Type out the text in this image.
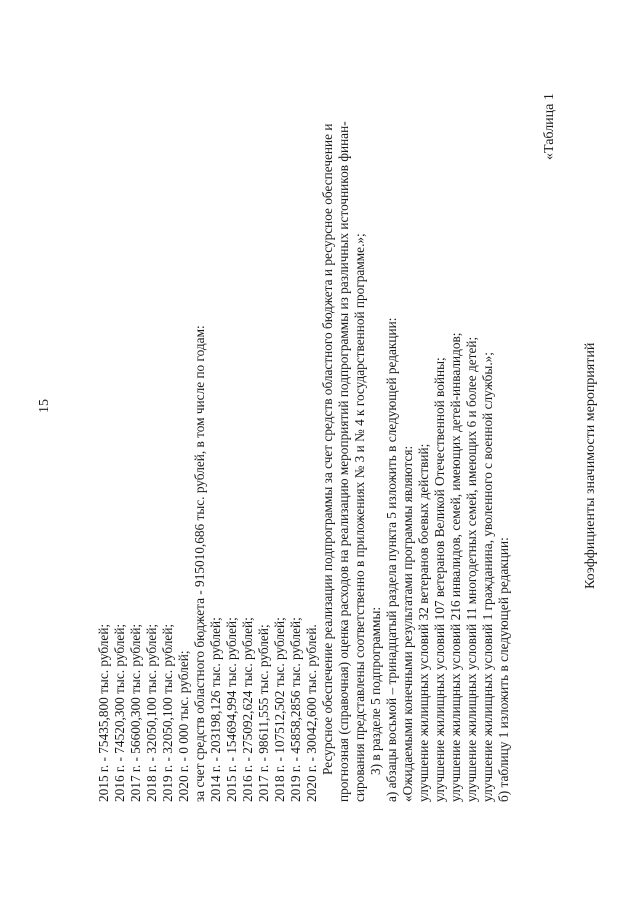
15
2015 г. - 75435,800 тыс. рублей; 2016 г. - 74520,300 тыс. рублей; 2017 г. - 56600,300 тыс. рублей; 2018 г. - 32050,100 тыс. рублей; 2019 г. - 32050,100 тыс. рублей; 2020 г. - 0 000 тыс. рублей; за счет средств областного бюджета - 915010,686 тыс. рублей, в том числе по годам: 2014 г. - 203198,126 тыс. рублей; 2015 г. - 154694,994 тыс. рублей; 2016 г. - 275092,624 тыс. рублей; 2017 г. - 98611,555 тыс. рублей; 2018 г. - 107512,502 тыс. рублей; 2019 г. - 45858,2856 тыс. рублей; 2020 г. - 30042,600 тыс. рублей. Ресурсное обеспечение реализации подпрограммы за счет средств областного бюджета и ресурсное обеспечение и прогнозная (справочная) оценка расходов на реализацию мероприятий подпрограммы из различных источников финан- сирования представлены соответственно в приложениях № 3 и № 4 к государственной программе.»; 3) в разделе 5 подпрограммы: а) абзацы восьмой – тринадцатый раздела пункта 5 изложить в следующей редакции: «Ожидаемыми конечными результатами программы являются: улучшение жилищных условий 32 ветеранов боевых действий; улучшение жилищных условий 107 ветеранов Великой Отечественной войны; улучшение жилищных условий 216 инвалидов, семей, имеющих детей-инвалидов; улучшение жилищных условий 11 многодетных семей, имеющих 6 и более детей; улучшение жилищных условий 1 гражданина, уволенного с военной службы.»; б) таблицу 1 изложить в следующей редакции:
«Таблица 1
Коэффициенты значимости мероприятий
